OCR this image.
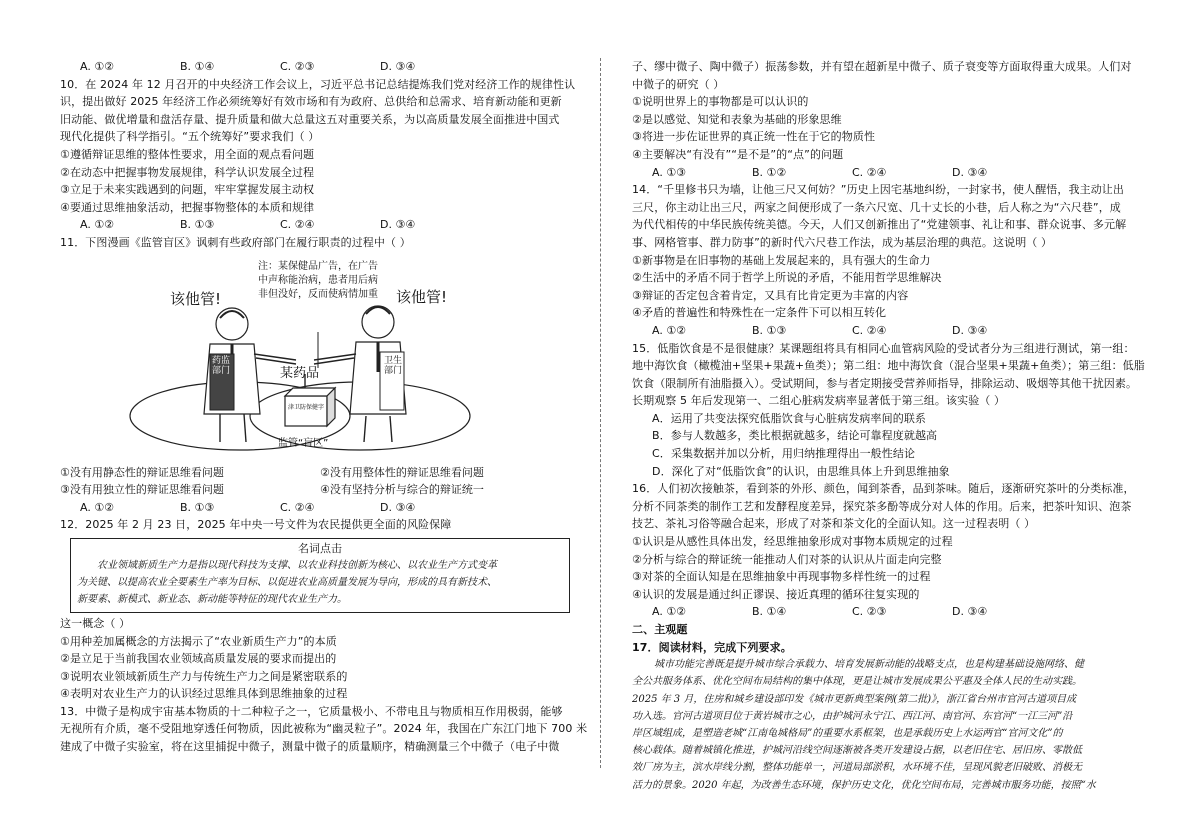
A. ①②	B. ①④	C. ②③	D. ③④
10．在 2024 年 12 月召开的中央经济工作会议上，习近平总书记总结提炼我们党对经济工作的规律性认
识，提出做好 2025 年经济工作必须统筹好有效市场和有为政府、总供给和总需求、培育新动能和更新
旧动能、做优增量和盘活存量、提升质量和做大总量这五对重要关系，为以高质量发展全面推进中国式
现代化提供了科学指引。“五个统筹好”要求我们（ ）
①遵循辩证思维的整体性要求，用全面的观点看问题
②在动态中把握事物发展规律，科学认识发展全过程
③立足于未来实践遇到的问题，牢牢掌握发展主动权
④要通过思维抽象活动，把握事物整体的本质和规律
A. ①②	B. ①③	C. ②④	D. ③④
11．下图漫画《监管盲区》讽刺有些政府部门在履行职责的过程中（ ）
注：某保健品广告，在广告
中声称能治病，患者用后病
非但没好，反而使病情加重
该他管!	该他管!
药监部门
卫生部门
某药品
津卫防保健字
监管“盲区”
①没有用静态性的辩证思维看问题	②没有用整体性的辩证思维看问题
③没有用独立性的辩证思维看问题	④没有坚持分析与综合的辩证统一
A. ①②	B. ①③	C. ②④	D. ③④
12．2025 年 2 月 23 日，2025 年中央一号文件为农民提供更全面的风险保障
名词点击
农业领域新质生产力是指以现代科技为支撑、以农业科技创新为核心、以农业生产方式变革
为关键、以提高农业全要素生产率为目标、以促进农业高质量发展为导向，形成的具有新技术、
新要素、新模式、新业态、新动能等特征的现代农业生产力。
这一概念（ ）
①用种差加属概念的方法揭示了“农业新质生产力”的本质
②是立足于当前我国农业领域高质量发展的要求而提出的
③说明农业领域新质生产力与传统生产力之间是紧密联系的
④表明对农业生产力的认识经过思维具体到思维抽象的过程
13．中微子是构成宇宙基本物质的十二种粒子之一，它质量极小、不带电且与物质相互作用极弱，能够
无视所有介质，毫不受阻地穿透任何物质，因此被称为“幽灵粒子”。2024 年，我国在广东江门地下 700 米
建成了中微子实验室，将在这里捕捉中微子，测量中微子的质量顺序，精确测量三个中微子（电子中微
子、缪中微子、陶中微子）振荡参数，并有望在超新星中微子、质子衰变等方面取得重大成果。人们对
中微子的研究（ ）
①说明世界上的事物都是可以认识的
②是以感觉、知觉和表象为基础的形象思维
③将进一步佐证世界的真正统一性在于它的物质性
④主要解决“有没有”“是不是”的“点”的问题
A. ①③	B. ①②	C. ②④	D. ③④
14．“千里修书只为墙，让他三尺又何妨？”历史上因宅基地纠纷，一封家书，使人醒悟，我主动让出
三尺，你主动让出三尺，两家之间便形成了一条六尺宽、几十丈长的小巷，后人称之为“六尺巷”，成
为代代相传的中华民族传统美德。今天，人们又创新推出了“党建领事、礼让和事、群众说事、多元解
事、网格管事、群力防事”的新时代六尺巷工作法，成为基层治理的典范。这说明（ ）
①新事物是在旧事物的基础上发展起来的，具有强大的生命力
②生活中的矛盾不同于哲学上所说的矛盾，不能用哲学思维解决
③辩证的否定包含着肯定，又具有比肯定更为丰富的内容
④矛盾的普遍性和特殊性在一定条件下可以相互转化
A. ①②	B. ①③	C. ②④	D. ③④
15．低脂饮食是不是很健康？某课题组将具有相同心血管病风险的受试者分为三组进行测试，第一组：
地中海饮食（橄榄油+坚果+果蔬+鱼类）；第二组：地中海饮食（混合坚果+果蔬+鱼类）；第三组：低脂
饮食（限制所有油脂摄入）。受试期间，参与者定期接受营养师指导，排除运动、吸烟等其他干扰因素。
长期观察 5 年后发现第一、二组心脏病发病率显著低于第三组。该实验（ ）
A．运用了共变法探究低脂饮食与心脏病发病率间的联系
B．参与人数越多，类比根据就越多，结论可靠程度就越高
C．采集数据并加以分析，用归纳推理得出一般性结论
D．深化了对“低脂饮食”的认识，由思维具体上升到思维抽象
16．人们初次接触茶，看到茶的外形、颜色，闻到茶香，品到茶味。随后，逐渐研究茶叶的分类标准，
分析不同茶类的制作工艺和发酵程度差异，探究茶多酚等成分对人体的作用。后来，把茶叶知识、泡茶
技艺、茶礼习俗等融合起来，形成了对茶和茶文化的全面认知。这一过程表明（ ）
①认识是从感性具体出发，经思维抽象形成对事物本质规定的过程
②分析与综合的辩证统一能推动人们对茶的认识从片面走向完整
③对茶的全面认知是在思维抽象中再现事物多样性统一的过程
④认识的发展是通过纠正谬误、接近真理的循环往复实现的
A. ①②	B. ①④	C. ②③	D. ③④
二、主观题
17．阅读材料，完成下列要求。
城市功能完善既是提升城市综合承载力、培育发展新动能的战略支点，也是构建基础设施网络、健
全公共服务体系、优化空间布局结构的集中体现，更是让城市发展成果公平惠及全体人民的生动实践。
2025 年 3 月，住房和城乡建设部印发《城市更新典型案例(第二批)》，浙江省台州市官河古道项目成
功入选。官河古道项目位于黄岩城市之心，由护城河永宁江、西江河、南官河、东官河“一江三河”沿
岸区域组成，是塑造老城“江南龟城格局”的重要水系框架，也是承载历史上水运两官“官河文化”的
核心载体。随着城镇化推进，护城河沿线空间逐渐被各类开发建设占据，以老旧住宅、居旧房、零散低
效厂房为主，滨水岸线分割，整体功能单一，河道局部淤积，水环境不佳，呈现风貌老旧破败、消极无
活力的景象。2020 年起，为改善生态环境，保护历史文化，优化空间布局，完善城市服务功能，按照“水
